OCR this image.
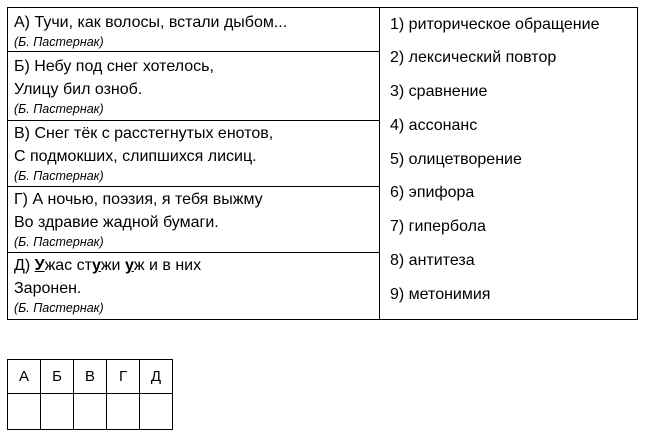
А) Тучи, как волосы, встали дыбом...
(Б. Пастернак)
Б) Небу под снег хотелось,
Улицу бил озноб.
(Б. Пастернак)
В) Снег тёк с расстегнутых енотов,
С подмокших, слипшихся лисиц.
(Б. Пастернак)
Г) А ночью, поэзия, я тебя выжму
Во здравие жадной бумаги.
(Б. Пастернак)
Д) Ужас стужи уж и в них
Заронен.
(Б. Пастернак)
1) риторическое обращение
2) лексический повтор
3) сравнение
4) ассонанс
5) олицетворение
6) эпифора
7) гипербола
8) антитеза
9) метонимия
А	Б	В	Г	Д
